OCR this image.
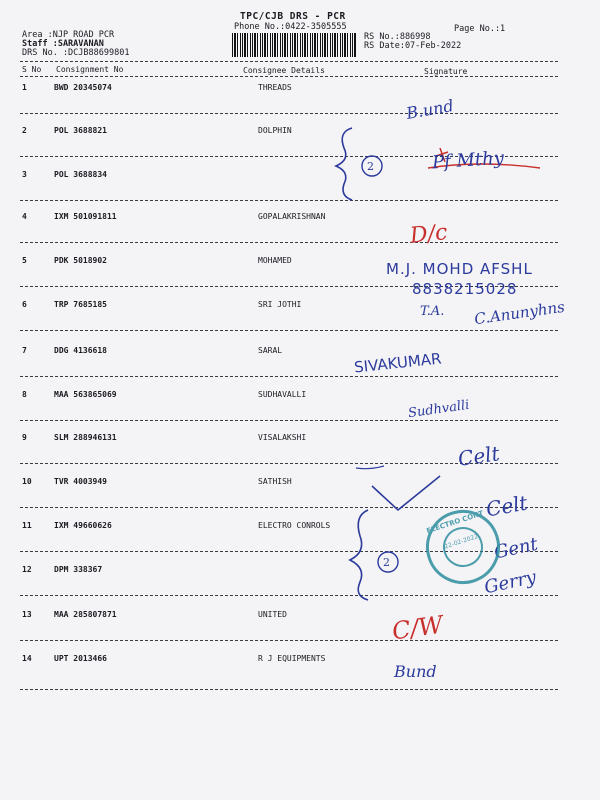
TPC/CJB DRS - PCR
Phone No.:0422-3505555	Page No.:1
Area :NJP ROAD PCR
Staff :SARAVANAN
DRS No. :DCJB88699801
RS No.:886998
RS Date:07-Feb-2022
S No Consignment No	Consignee Details	Signature
1	BWD 20345074	THREADS
2	POL 3688821	DOLPHIN
3	POL 3688834
4	IXM 501091811	GOPALAKRISHNAN
5	PDK 5018902	MOHAMED
6	TRP 7685185	SRI JOTHI
7	DDG 4136618	SARAL
8	MAA 563865069	SUDHAVALLI
9	SLM 288946131	VISALAKSHI
10	TVR 4003949	SATHISH
11	IXM 49660626	ELECTRO CONROLS
12	DPM 338367
13	MAA 285807871	UNITED
14	UPT 2013466	R J EQUIPMENTS
2
2
B.und
Pf Mthy
D/c
M.J. MOHD AFSHL
8838215028
T.A. C.Anunyhns
SIVAKUMAR
Sudhvalli
Celt
Celt
Gent
Gerry
C/W
Bund
ELECTRO CONT
22-02-2022
